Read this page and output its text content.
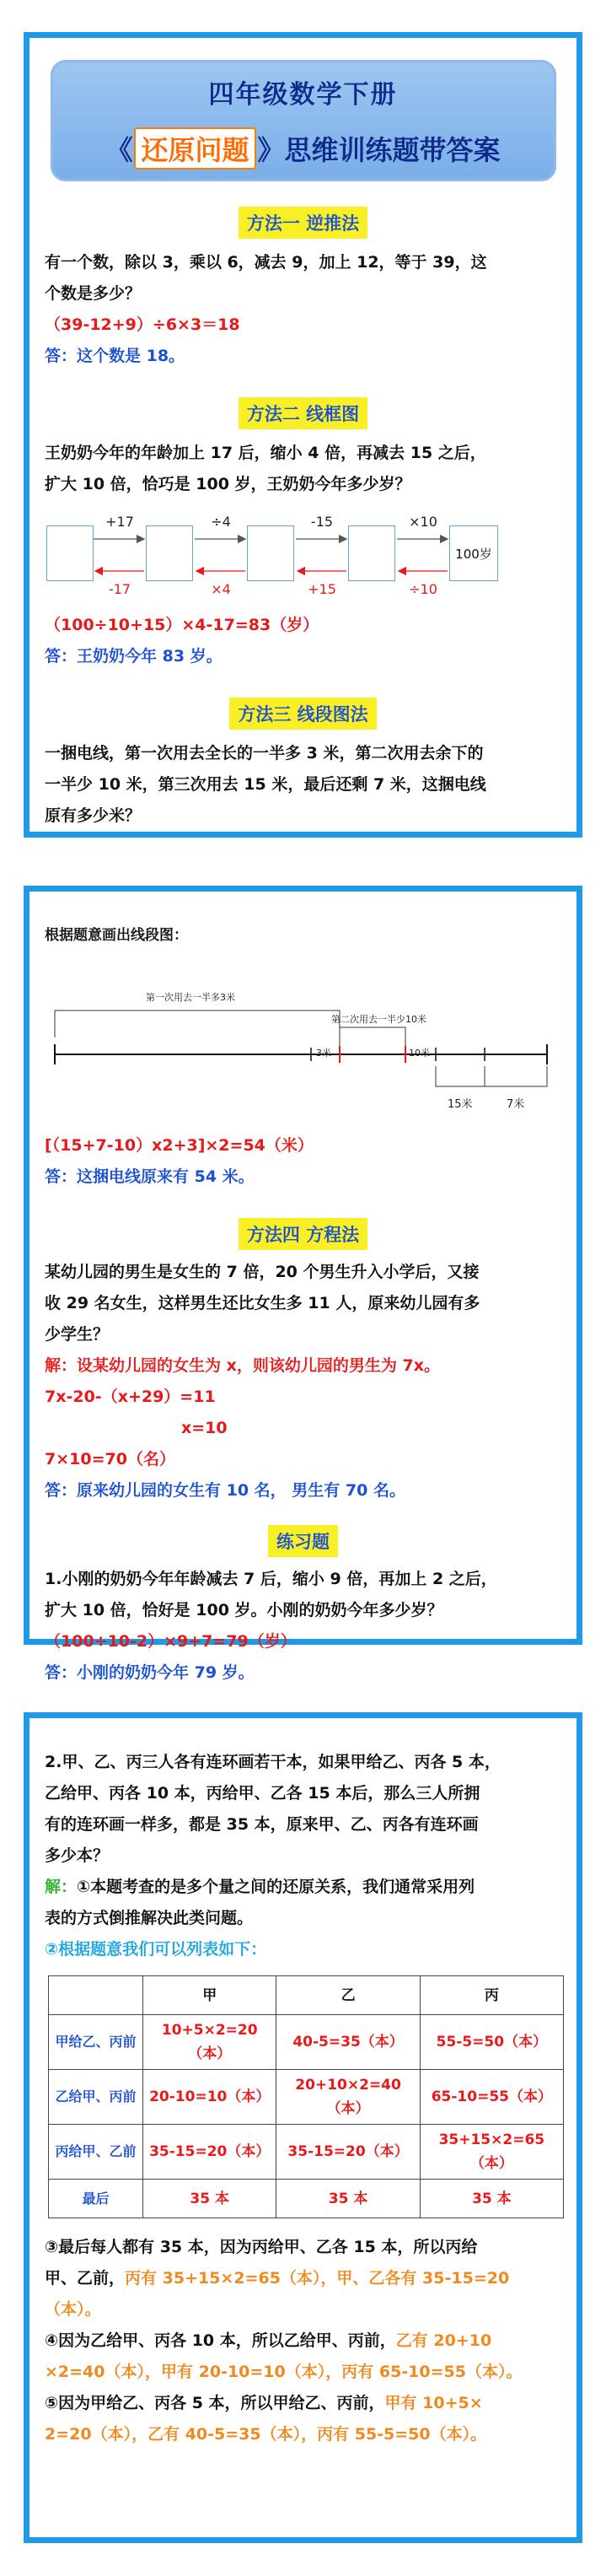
四年级数学下册
《 还原问题 》思维训练题带答案
方法一 逆推法
有一个数，除以 3，乘以 6，减去 9，加上 12，等于 39，这
个数是多少？
（39-12+9）÷6×3＝18
答：这个数是 18。
方法二 线框图
王奶奶今年的年龄加上 17 后，缩小 4 倍，再减去 15 之后，
扩大 10 倍，恰巧是 100 岁，王奶奶今年多少岁？
100岁
+17	÷4	-15	×10
-17	×4	+15	÷10
（100÷10+15）×4-17=83（岁）
答：王奶奶今年 83 岁。
方法三 线段图法
一捆电线，第一次用去全长的一半多 3 米，第二次用去余下的
一半少 10 米，第三次用去 15 米，最后还剩 7 米，这捆电线
原有多少米？
根据题意画出线段图：
第一次用去一半多3米
第二次用去一半少10米
3米	10米
15米	7米
[（15+7-10）x2+3]×2=54（米）
答：这捆电线原来有 54 米。
方法四 方程法
某幼儿园的男生是女生的 7 倍，20 个男生升入小学后，又接
收 29 名女生，这样男生还比女生多 11 人，原来幼儿园有多
少学生？
解：设某幼儿园的女生为 x，则该幼儿园的男生为 7x。
7x-20-（x+29）=11
x=10
7×10=70（名）
答：原来幼儿园的女生有 10 名， 男生有 70 名。
练习题
1.小刚的奶奶今年年龄减去 7 后，缩小 9 倍，再加上 2 之后，
扩大 10 倍，恰好是 100 岁。小刚的奶奶今年多少岁？
（100÷10-2）×9+7=79（岁）
答：小刚的奶奶今年 79 岁。
2.甲、乙、丙三人各有连环画若干本，如果甲给乙、丙各 5 本，
乙给甲、丙各 10 本，丙给甲、乙各 15 本后，那么三人所拥
有的连环画一样多，都是 35 本，原来甲、乙、丙各有连环画
多少本？
解：①本题考查的是多个量之间的还原关系，我们通常采用列
表的方式倒推解决此类问题。
②根据题意我们可以列表如下：
	甲	乙	丙
甲给乙、丙前	10+5×2=20（本）	40-5=35（本）	55-5=50（本）
乙给甲、丙前	20-10=10（本）	20+10×2=40（本）	65-10=55（本）
丙给甲、乙前	35-15=20（本）	35-15=20（本）	35+15×2=65（本）
最后	35 本	35 本	35 本
③最后每人都有 35 本，因为丙给甲、乙各 15 本，所以丙给
甲、乙前，丙有 35+15×2=65（本），甲、乙各有 35-15=20
（本）。
④因为乙给甲、丙各 10 本，所以乙给甲、丙前，乙有 20+10
×2=40（本），甲有 20-10=10（本），丙有 65-10=55（本）。
⑤因为甲给乙、丙各 5 本，所以甲给乙、丙前，甲有 10+5×
2=20（本），乙有 40-5=35（本），丙有 55-5=50（本）。
